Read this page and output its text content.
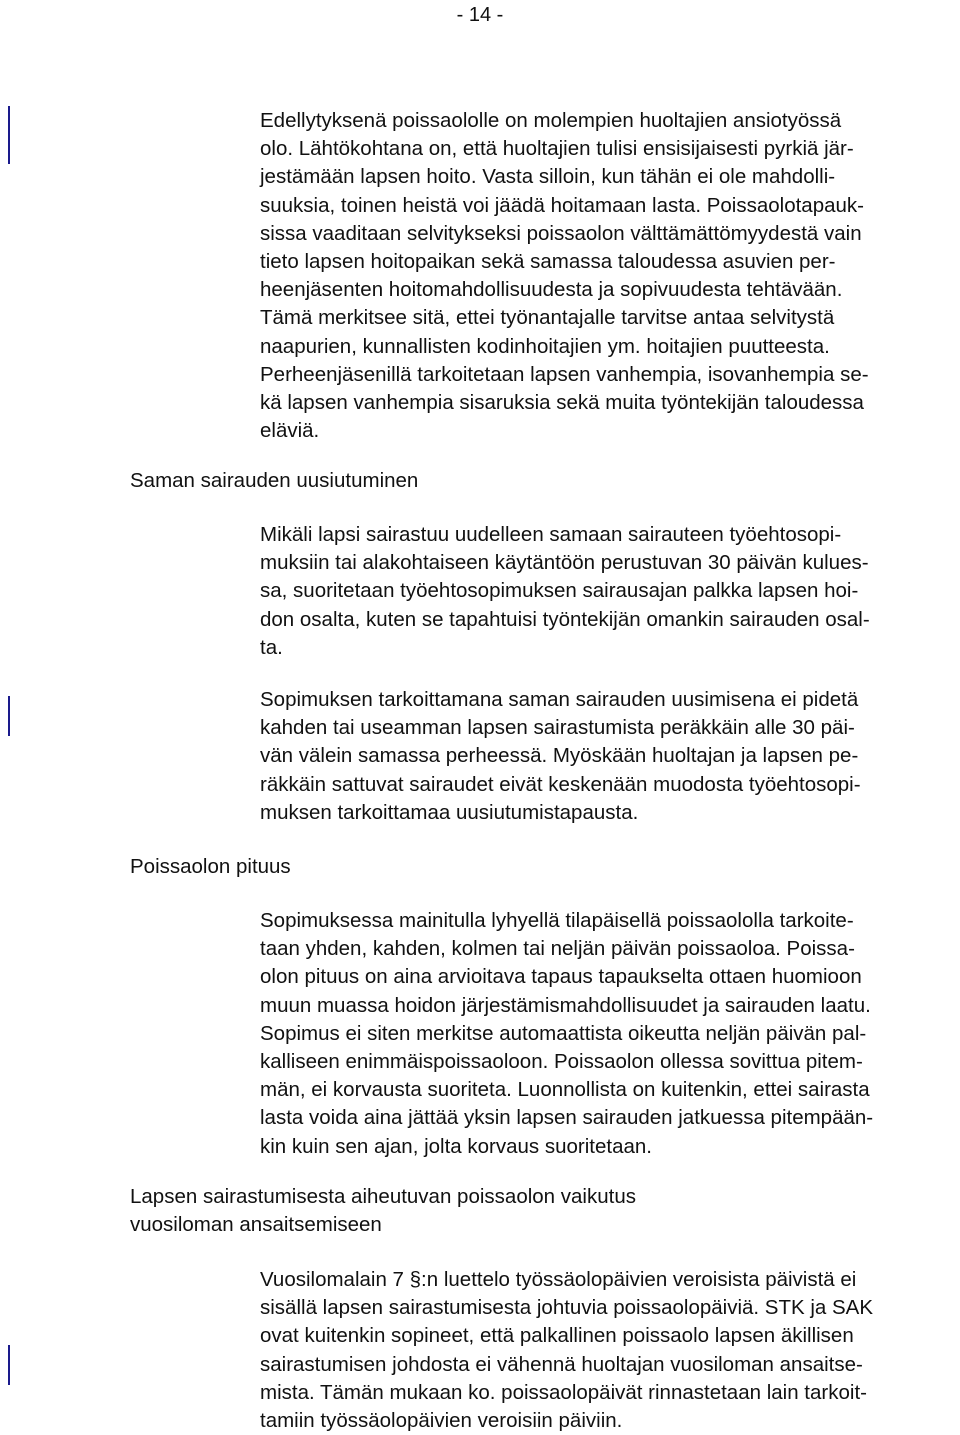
- 14 -

Edellytyksenä poissaololle on molempien huoltajien ansiotyössä
olo. Lähtökohtana on, että huoltajien tulisi ensisijaisesti pyrkiä jär-
jestämään lapsen hoito. Vasta silloin, kun tähän ei ole mahdolli-
suuksia, toinen heistä voi jäädä hoitamaan lasta. Poissaolotapauk-
sissa vaaditaan selvitykseksi poissaolon välttämättömyydestä vain
tieto lapsen hoitopaikan sekä samassa taloudessa asuvien per-
heenjäsenten hoitomahdollisuudesta ja sopivuudesta tehtävään.
Tämä merkitsee sitä, ettei työnantajalle tarvitse antaa selvitystä
naapurien, kunnallisten kodinhoitajien ym. hoitajien puutteesta.
Perheenjäsenillä tarkoitetaan lapsen vanhempia, isovanhempia se-
kä lapsen vanhempia sisaruksia sekä muita työntekijän taloudessa
eläviä.

Saman sairauden uusiutuminen

Mikäli lapsi sairastuu uudelleen samaan sairauteen työehtosopi-
muksiin tai alakohtaiseen käytäntöön perustuvan 30 päivän kulues-
sa, suoritetaan työehtosopimuksen sairausajan palkka lapsen hoi-
don osalta, kuten se tapahtuisi työntekijän omankin sairauden osal-
ta.

Sopimuksen tarkoittamana saman sairauden uusimisena ei pidetä
kahden tai useamman lapsen sairastumista peräkkäin alle 30 päi-
vän välein samassa perheessä. Myöskään huoltajan ja lapsen pe-
räkkäin sattuvat sairaudet eivät keskenään muodosta työehtosopi-
muksen tarkoittamaa uusiutumistapausta.

Poissaolon pituus

Sopimuksessa mainitulla lyhyellä tilapäisellä poissaololla tarkoite-
taan yhden, kahden, kolmen tai neljän päivän poissaoloa. Poissa-
olon pituus on aina arvioitava tapaus tapaukselta ottaen huomioon
muun muassa hoidon järjestämismahdollisuudet ja sairauden laatu.
Sopimus ei siten merkitse automaattista oikeutta neljän päivän pal-
kalliseen enimmäispoissaoloon. Poissaolon ollessa sovittua pitem-
män, ei korvausta suoriteta. Luonnollista on kuitenkin, ettei sairasta
lasta voida aina jättää yksin lapsen sairauden jatkuessa pitempään-
kin kuin sen ajan, jolta korvaus suoritetaan.

Lapsen sairastumisesta aiheutuvan poissaolon vaikutus
vuosiloman ansaitsemiseen

Vuosilomalain 7 §:n luettelo työssäolopäivien veroisista päivistä ei
sisällä lapsen sairastumisesta johtuvia poissaolopäiviä. STK ja SAK
ovat kuitenkin sopineet, että palkallinen poissaolo lapsen äkillisen
sairastumisen johdosta ei vähennä huoltajan vuosiloman ansaitse-
mista. Tämän mukaan ko. poissaolopäivät rinnastetaan lain tarkoit-
tamiin työssäolopäivien veroisiin päiviin.
